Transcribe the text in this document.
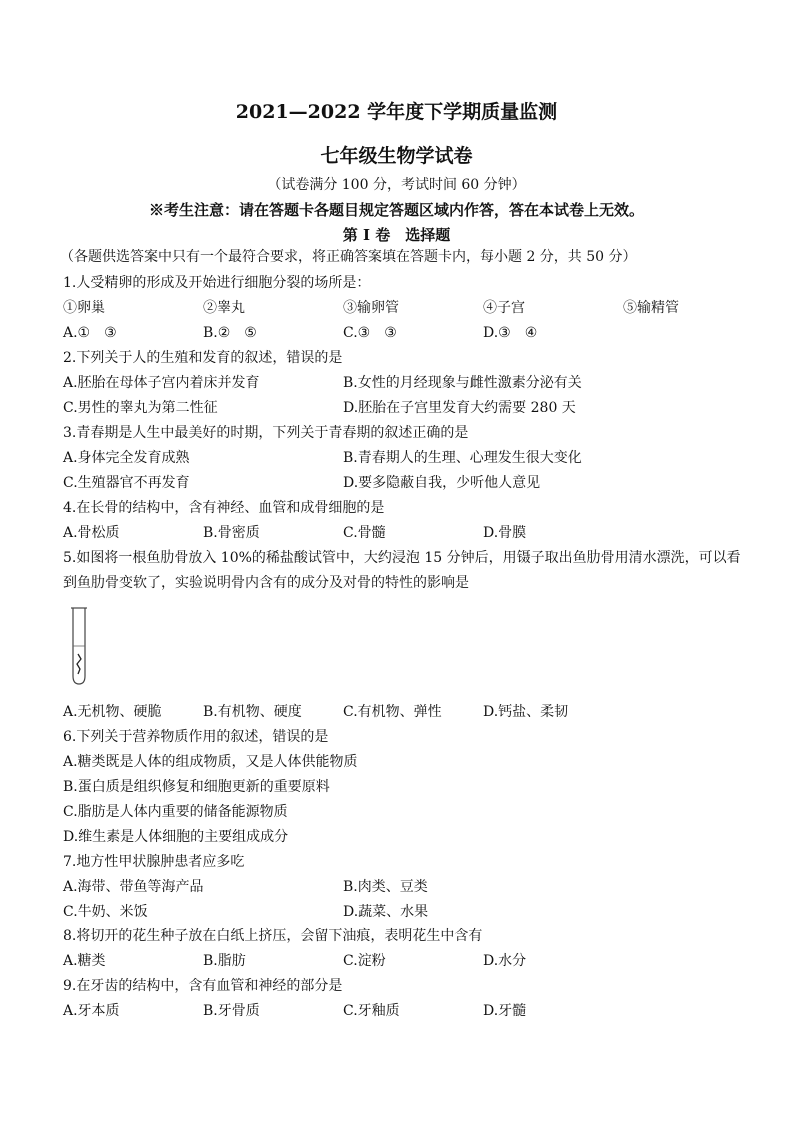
2021—2022 学年度下学期质量监测
七年级生物学试卷
（试卷满分 100 分，考试时间 60 分钟）
※考生注意：请在答题卡各题目规定答题区域内作答，答在本试卷上无效。
第 I 卷　选择题
（各题供选答案中只有一个最符合要求，将正确答案填在答题卡内，每小题 2 分，共 50 分）
1.人受精卵的形成及开始进行细胞分裂的场所是：
①卵巢	②睾丸	③输卵管	④子宫	⑤输精管
A.①　③	B.②　⑤	C.③　③	D.③　④
2.下列关于人的生殖和发育的叙述，错误的是
A.胚胎在母体子宫内着床并发育	B.女性的月经现象与雌性激素分泌有关
C.男性的睾丸为第二性征	D.胚胎在子宫里发育大约需要 280 天
3.青春期是人生中最美好的时期，下列关于青春期的叙述正确的是
A.身体完全发育成熟	B.青春期人的生理、心理发生很大变化
C.生殖器官不再发育	D.要多隐蔽自我，少听他人意见
4.在长骨的结构中，含有神经、血管和成骨细胞的是
A.骨松质	B.骨密质	C.骨髓	D.骨膜
5.如图将一根鱼肋骨放入 10%的稀盐酸试管中，大约浸泡 15 分钟后，用镊子取出鱼肋骨用清水漂洗，可以看
到鱼肋骨变软了，实验说明骨内含有的成分及对骨的特性的影响是
A.无机物、硬脆	B.有机物、硬度	C.有机物、弹性	D.钙盐、柔韧
6.下列关于营养物质作用的叙述，错误的是
A.糖类既是人体的组成物质，又是人体供能物质
B.蛋白质是组织修复和细胞更新的重要原料
C.脂肪是人体内重要的储备能源物质
D.维生素是人体细胞的主要组成成分
7.地方性甲状腺肿患者应多吃
A.海带、带鱼等海产品	B.肉类、豆类
C.牛奶、米饭	D.蔬菜、水果
8.将切开的花生种子放在白纸上挤压，会留下油痕，表明花生中含有
A.糖类	B.脂肪	C.淀粉	D.水分
9.在牙齿的结构中，含有血管和神经的部分是
A.牙本质	B.牙骨质	C.牙釉质	D.牙髓
